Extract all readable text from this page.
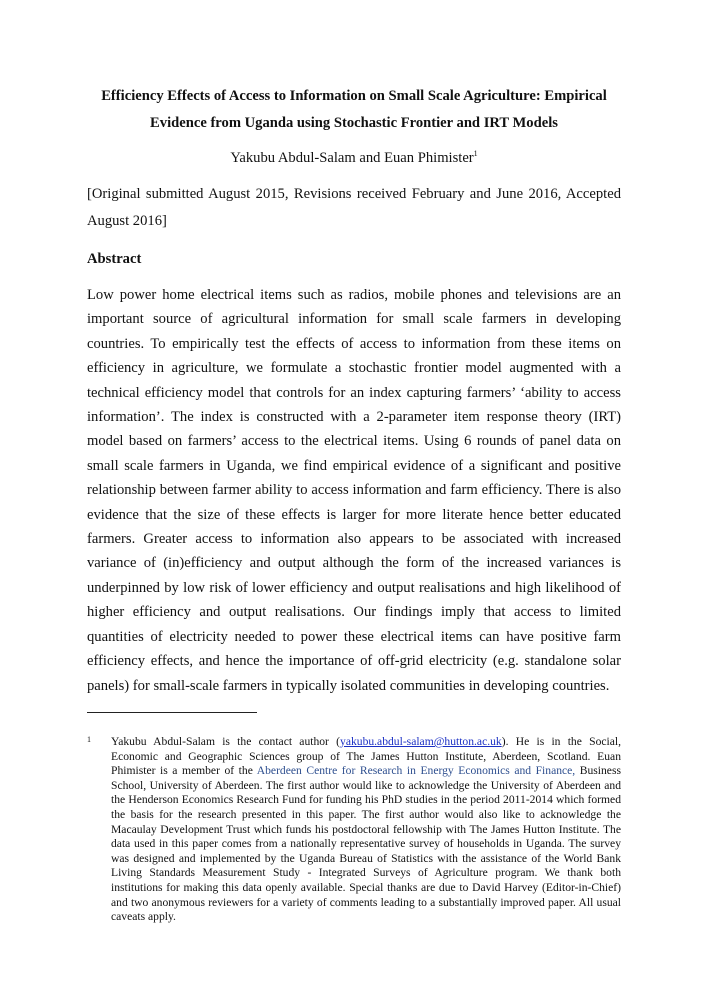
Efficiency Effects of Access to Information on Small Scale Agriculture: Empirical
Evidence from Uganda using Stochastic Frontier and IRT Models
Yakubu Abdul-Salam and Euan Phimister$^1$
[Original submitted August 2015, Revisions received February and June 2016, Accepted August 2016]
Abstract
Low power home electrical items such as radios, mobile phones and televisions are an important source of agricultural information for small scale farmers in developing countries. To empirically test the effects of access to information from these items on efficiency in agriculture, we formulate a stochastic frontier model augmented with a technical efficiency model that controls for an index capturing farmers’ ‘ability to access information’. The index is constructed with a 2-parameter item response theory (IRT) model based on farmers’ access to the electrical items. Using 6 rounds of panel data on small scale farmers in Uganda, we find empirical evidence of a significant and positive relationship between farmer ability to access information and farm efficiency. There is also evidence that the size of these effects is larger for more literate hence better educated farmers. Greater access to information also appears to be associated with increased variance of (in)efficiency and output although the form of the increased variances is underpinned by low risk of lower efficiency and output realisations and high likelihood of higher efficiency and output realisations. Our findings imply that access to limited quantities of electricity needed to power these electrical items can have positive farm efficiency effects, and hence the importance of off-grid electricity (e.g. standalone solar panels) for small-scale farmers in typically isolated communities in developing countries.
1 Yakubu Abdul-Salam is the contact author (yakubu.abdul-salam@hutton.ac.uk). He is in the Social, Economic and Geographic Sciences group of The James Hutton Institute, Aberdeen, Scotland. Euan Phimister is a member of the Aberdeen Centre for Research in Energy Economics and Finance, Business School, University of Aberdeen. The first author would like to acknowledge the University of Aberdeen and the Henderson Economics Research Fund for funding his PhD studies in the period 2011-2014 which formed the basis for the research presented in this paper. The first author would also like to acknowledge the Macaulay Development Trust which funds his postdoctoral fellowship with The James Hutton Institute. The data used in this paper comes from a nationally representative survey of households in Uganda. The survey was designed and implemented by the Uganda Bureau of Statistics with the assistance of the World Bank Living Standards Measurement Study - Integrated Surveys of Agriculture program. We thank both institutions for making this data openly available. Special thanks are due to David Harvey (Editor-in-Chief) and two anonymous reviewers for a variety of comments leading to a substantially improved paper. All usual caveats apply.
